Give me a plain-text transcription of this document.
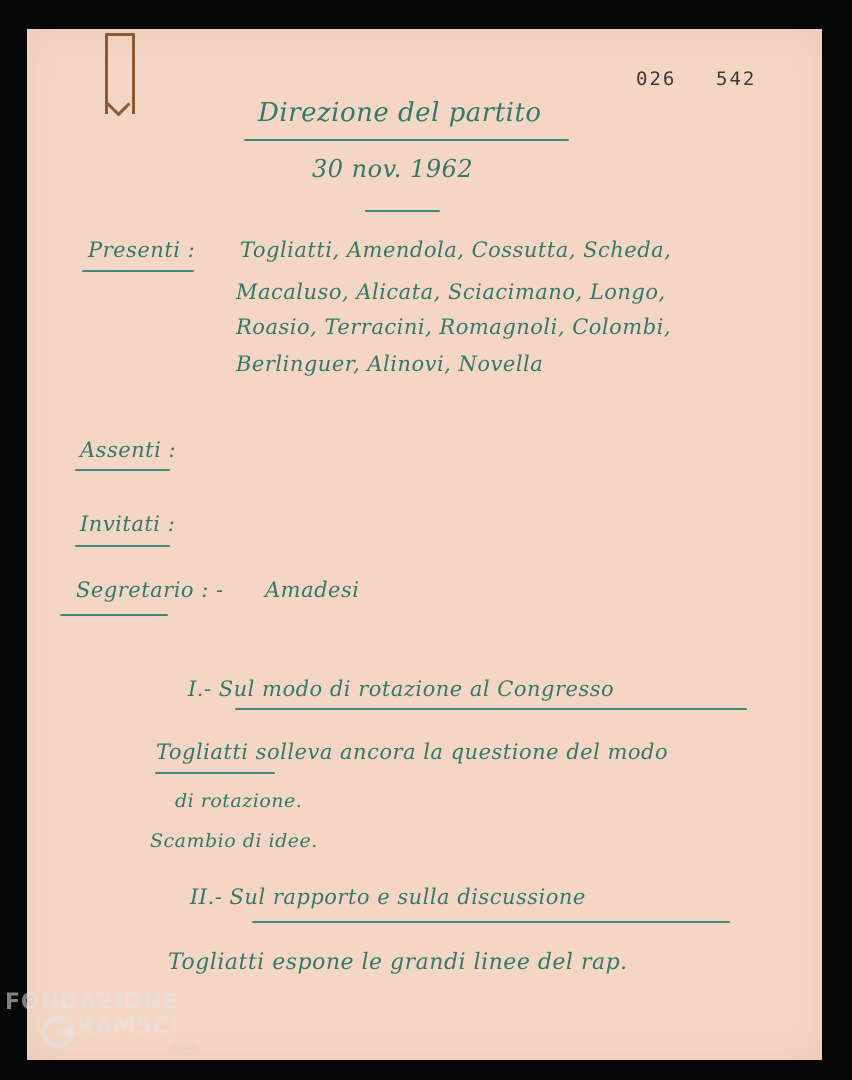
026 542
Direzione del partito
30 nov. 1962
Presenti : Togliatti, Amendola, Cossutta, Scheda,
Macaluso, Alicata, Sciacimano, Longo,
Roasio, Terracini, Romagnoli, Colombi,
Berlinguer, Alinovi, Novella
Assenti :
Invitati :
Segretario : - Amadesi
I.- Sul modo di rotazione al Congresso
Togliatti solleva ancora la questione del modo
di rotazione.
Scambio di idee.
II.- Sul rapporto e sulla discussione
Togliatti espone le grandi linee del rap.
FONDAZIONE
RAMSCI
onlus
